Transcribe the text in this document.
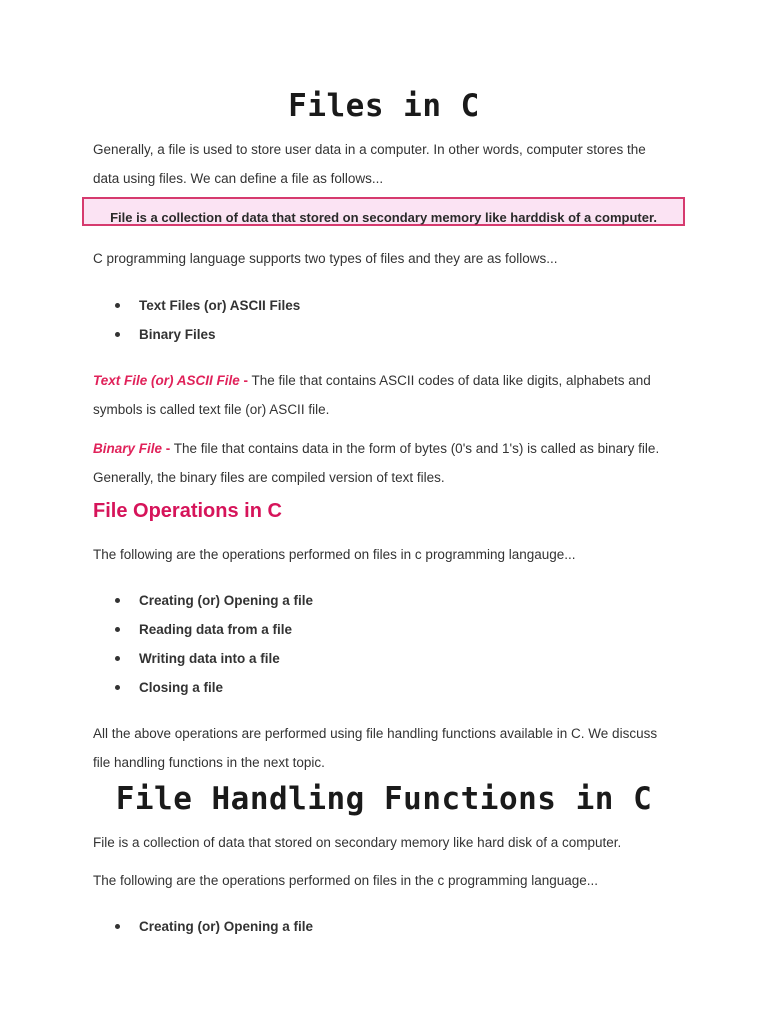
Files in C

Generally, a file is used to store user data in a computer. In other words, computer stores the
data using files. We can define a file as follows...

File is a collection of data that stored on secondary memory like harddisk of a computer.

C programming language supports two types of files and they are as follows...

Text Files (or) ASCII Files
Binary Files

Text File (or) ASCII File - The file that contains ASCII codes of data like digits, alphabets and
symbols is called text file (or) ASCII file.

Binary File - The file that contains data in the form of bytes (0's and 1's) is called as binary file.
Generally, the binary files are compiled version of text files.

File Operations in C

The following are the operations performed on files in c programming langauge...

Creating (or) Opening a file
Reading data from a file
Writing data into a file
Closing a file

All the above operations are performed using file handling functions available in C. We discuss
file handling functions in the next topic.

File Handling Functions in C

File is a collection of data that stored on secondary memory like hard disk of a computer.

The following are the operations performed on files in the c programming language...

Creating (or) Opening a file
